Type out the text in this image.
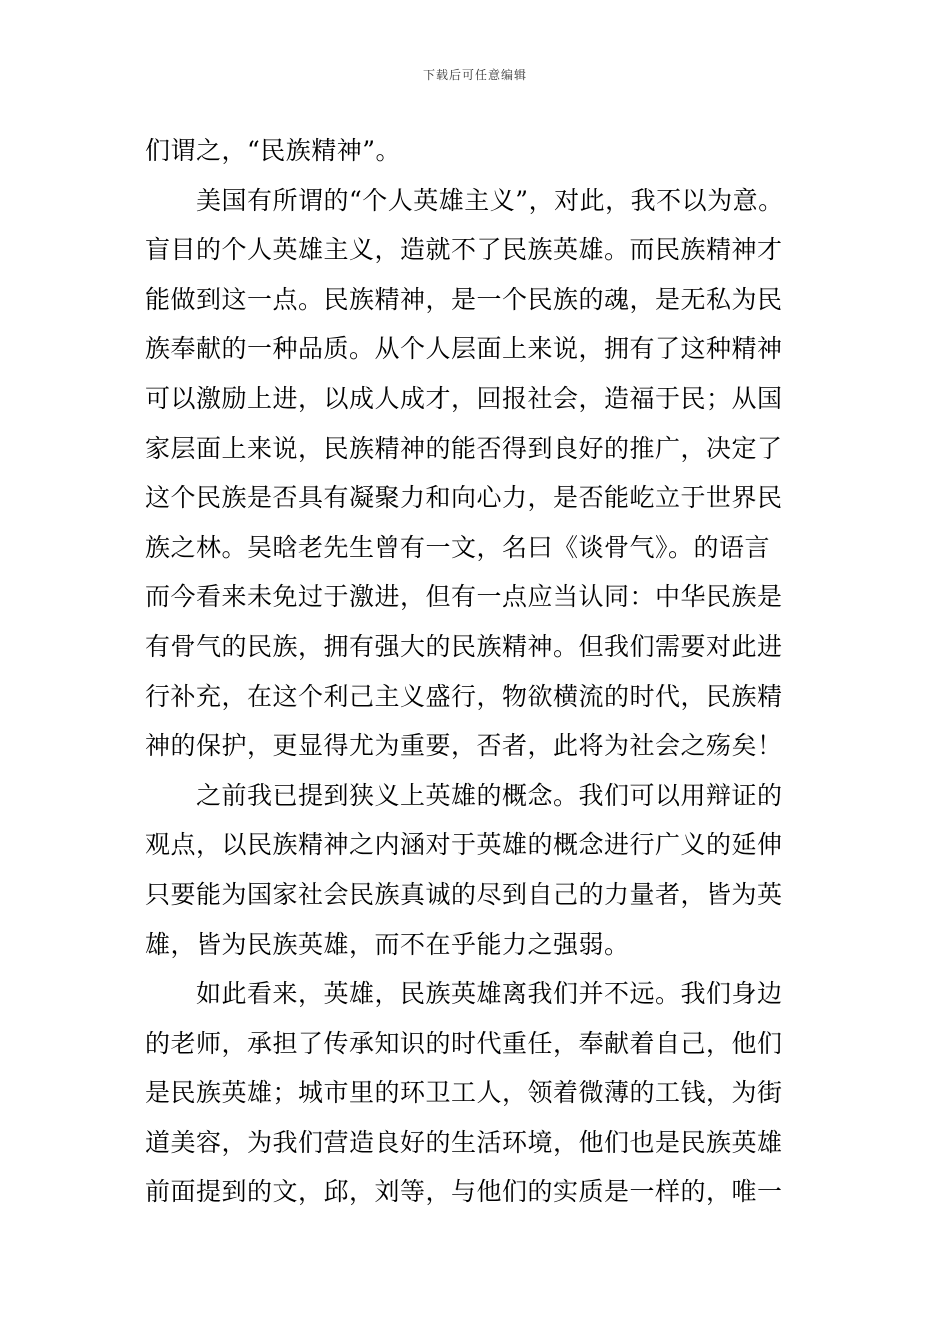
下载后可任意编辑
们谓之，“民族精神”。
　　美国有所谓的“个人英雄主义”，对此，我不以为意。
盲目的个人英雄主义，造就不了民族英雄。而民族精神才
能做到这一点。民族精神，是一个民族的魂，是无私为民
族奉献的一种品质。从个人层面上来说，拥有了这种精神
可以激励上进，以成人成才，回报社会，造福于民；从国
家层面上来说，民族精神的能否得到良好的推广，决定了
这个民族是否具有凝聚力和向心力，是否能屹立于世界民
族之林。吴晗老先生曾有一文，名曰《谈骨气》。的语言
而今看来未免过于激进，但有一点应当认同：中华民族是
有骨气的民族，拥有强大的民族精神。但我们需要对此进
行补充，在这个利己主义盛行，物欲横流的时代，民族精
神的保护，更显得尤为重要，否者，此将为社会之殇矣！
　　之前我已提到狭义上英雄的概念。我们可以用辩证的
观点，以民族精神之内涵对于英雄的概念进行广义的延伸
只要能为国家社会民族真诚的尽到自己的力量者，皆为英
雄，皆为民族英雄，而不在乎能力之强弱。
　　如此看来，英雄，民族英雄离我们并不远。我们身边
的老师，承担了传承知识的时代重任，奉献着自己，他们
是民族英雄；城市里的环卫工人，领着微薄的工钱，为街
道美容，为我们营造良好的生活环境，他们也是民族英雄
前面提到的文，邱，刘等，与他们的实质是一样的，唯一
